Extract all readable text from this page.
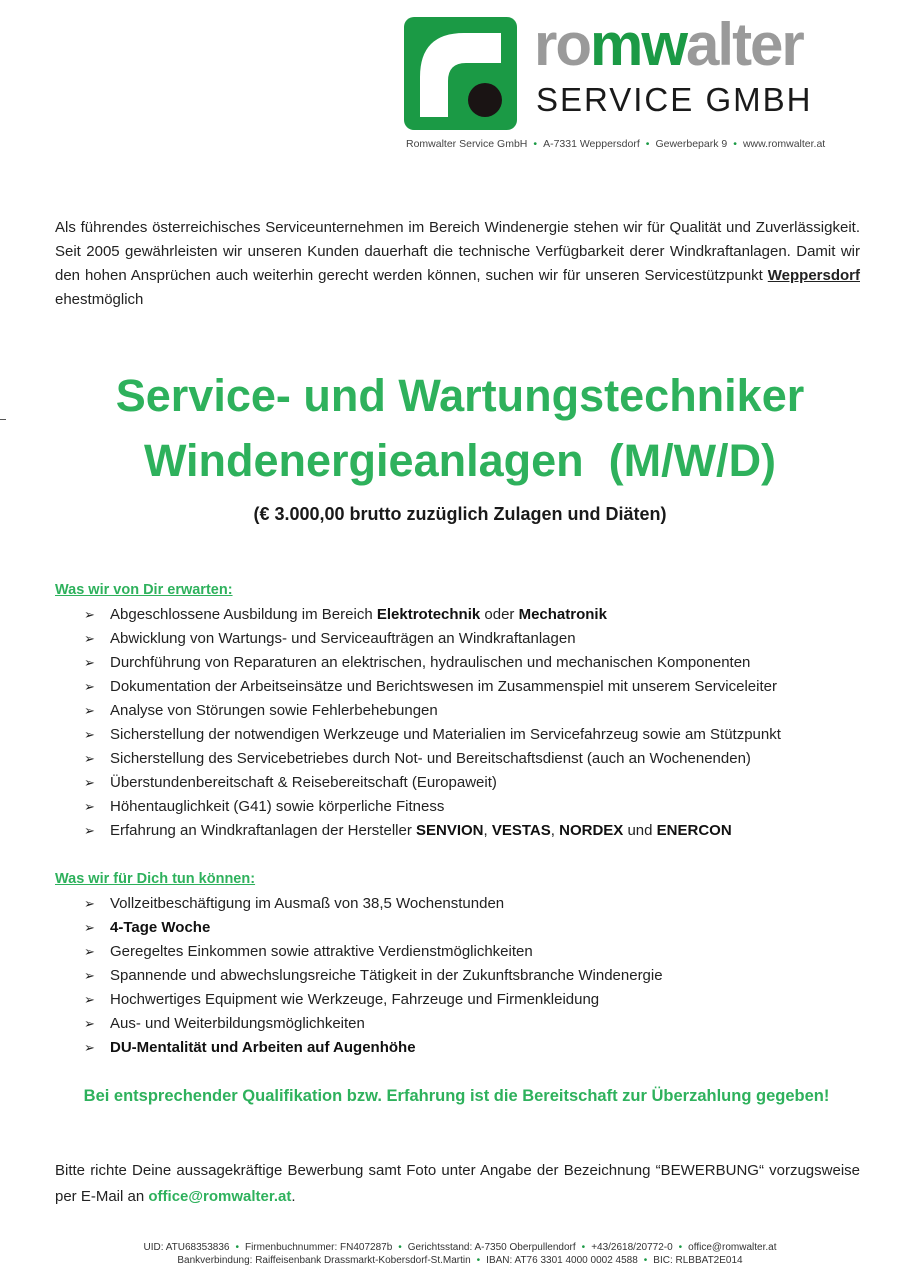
romwalter
SERVICE GMBH
Romwalter Service GmbH • A-7331 Weppersdorf • Gewerbepark 9 • www.romwalter.at
Als führendes österreichisches Serviceunternehmen im Bereich Windenergie stehen wir für Qualität und Zuverlässigkeit. Seit 2005 gewährleisten wir unseren Kunden dauerhaft die technische Verfügbarkeit derer Windkraftanlagen. Damit wir den hohen Ansprüchen auch weiterhin gerecht werden können, suchen wir für unseren Servicestützpunkt Weppersdorf ehestmöglich
Service- und Wartungstechniker
Windenergieanlagen  (M/W/D)
(€ 3.000,00 brutto zuzüglich Zulagen und Diäten)
Was wir von Dir erwarten:
➢	Abgeschlossene Ausbildung im Bereich Elektrotechnik oder Mechatronik
➢	Abwicklung von Wartungs- und Serviceaufträgen an Windkraftanlagen
➢	Durchführung von Reparaturen an elektrischen, hydraulischen und mechanischen Komponenten
➢	Dokumentation der Arbeitseinsätze und Berichtswesen im Zusammenspiel mit unserem Serviceleiter
➢	Analyse von Störungen sowie Fehlerbehebungen
➢	Sicherstellung der notwendigen Werkzeuge und Materialien im Servicefahrzeug sowie am Stützpunkt
➢	Sicherstellung des Servicebetriebes durch Not- und Bereitschaftsdienst (auch an Wochenenden)
➢	Überstundenbereitschaft & Reisebereitschaft (Europaweit)
➢	Höhentauglichkeit (G41) sowie körperliche Fitness
➢	Erfahrung an Windkraftanlagen der Hersteller SENVION, VESTAS, NORDEX und ENERCON
Was wir für Dich tun können:
➢	Vollzeitbeschäftigung im Ausmaß von 38,5 Wochenstunden
➢	4-Tage Woche
➢	Geregeltes Einkommen sowie attraktive Verdienstmöglichkeiten
➢	Spannende und abwechslungsreiche Tätigkeit in der Zukunftsbranche Windenergie
➢	Hochwertiges Equipment wie Werkzeuge, Fahrzeuge und Firmenkleidung
➢	Aus- und Weiterbildungsmöglichkeiten
➢	DU-Mentalität und Arbeiten auf Augenhöhe
Bei entsprechender Qualifikation bzw. Erfahrung ist die Bereitschaft zur Überzahlung gegeben!
Bitte richte Deine aussagekräftige Bewerbung samt Foto unter Angabe der Bezeichnung “BEWERBUNG“ vorzugsweise per E-Mail an office@romwalter.at.
UID: ATU68353836 • Firmenbuchnummer: FN407287b • Gerichtsstand: A-7350 Oberpullendorf • +43/2618/20772-0 • office@romwalter.at
Bankverbindung: Raiffeisenbank Drassmarkt-Kobersdorf-St.Martin • IBAN: AT76 3301 4000 0002 4588 • BIC: RLBBAT2E014
